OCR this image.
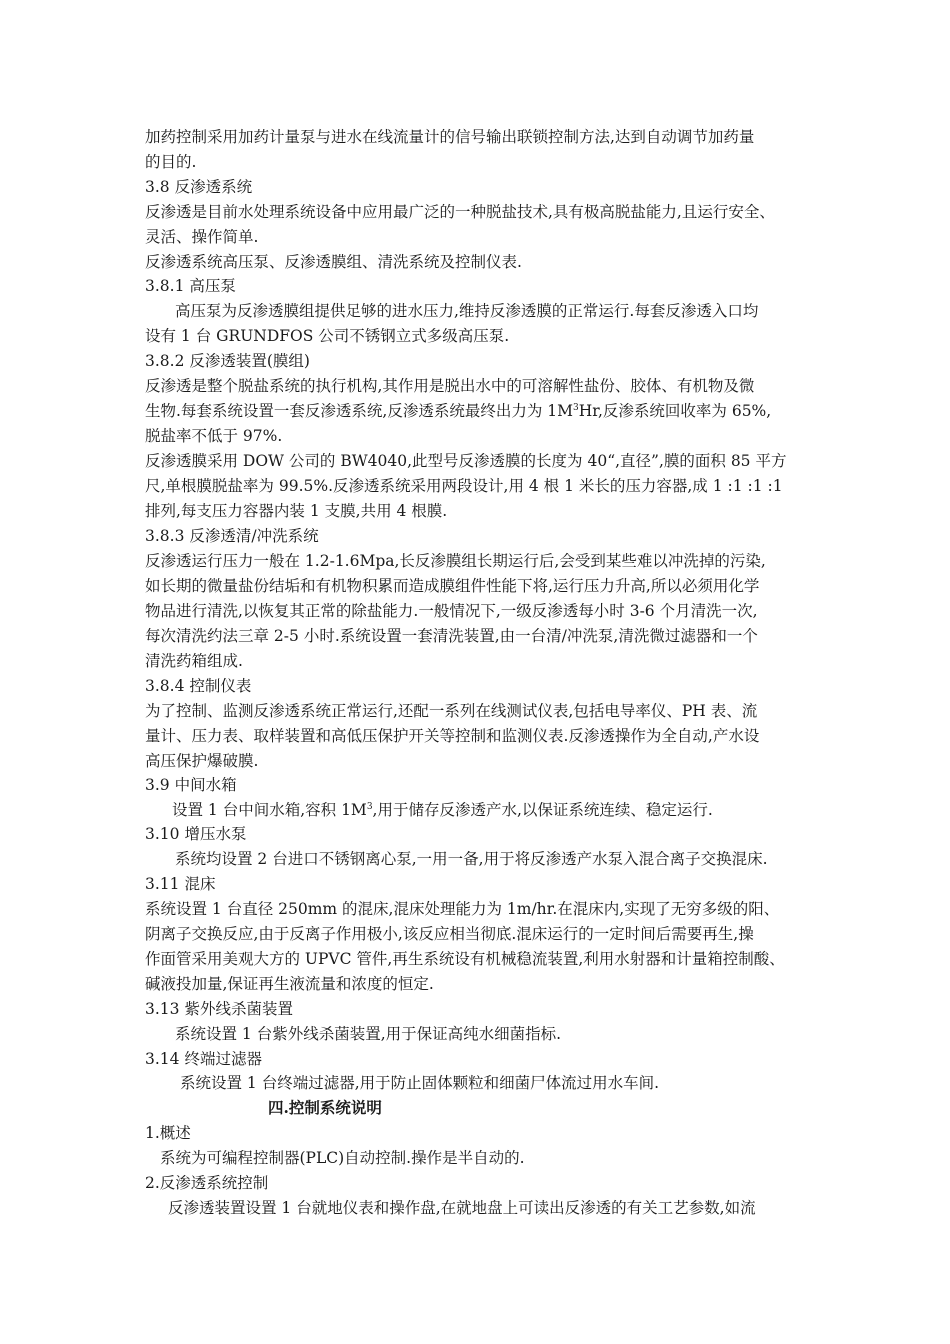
加药控制采用加药计量泵与进水在线流量计的信号输出联锁控制方法,达到自动调节加药量
的目的.
3.8 反渗透系统
反渗透是目前水处理系统设备中应用最广泛的一种脱盐技术,具有极高脱盐能力,且运行安全、
灵活、操作简单.
反渗透系统高压泵、反渗透膜组、清洗系统及控制仪表.
3.8.1 高压泵
高压泵为反渗透膜组提供足够的进水压力,维持反渗透膜的正常运行.每套反渗透入口均
设有 1 台 GRUNDFOS 公司不锈钢立式多级高压泵.
3.8.2 反渗透装置(膜组)
反渗透是整个脱盐系统的执行机构,其作用是脱出水中的可溶解性盐份、胶体、有机物及微
生物.每套系统设置一套反渗透系统,反渗透系统最终出力为 $1M^3Hr$,反渗系统回收率为 65%,
脱盐率不低于 97%.
反渗透膜采用 DOW 公司的 BW4040,此型号反渗透膜的长度为 40“,直径”,膜的面积 85 平方
尺,单根膜脱盐率为 99.5%.反渗透系统采用两段设计,用 4 根 1 米长的压力容器,成 1 :1 :1 :1
排列,每支压力容器内装 1 支膜,共用 4 根膜.
3.8.3 反渗透清/冲洗系统
反渗透运行压力一般在 1.2-1.6Mpa,长反渗膜组长期运行后,会受到某些难以冲洗掉的污染,
如长期的微量盐份结垢和有机物积累而造成膜组件性能下将,运行压力升高,所以必须用化学
物品进行清洗,以恢复其正常的除盐能力.一般情况下,一级反渗透每小时 3-6 个月清洗一次,
每次清洗约法三章 2-5 小时.系统设置一套清洗装置,由一台清/冲洗泵,清洗微过滤器和一个
清洗药箱组成.
3.8.4 控制仪表
为了控制、监测反渗透系统正常运行,还配一系列在线测试仪表,包括电导率仪、PH 表、流
量计、压力表、取样装置和高低压保护开关等控制和监测仪表.反渗透操作为全自动,产水设
高压保护爆破膜.
3.9 中间水箱
设置 1 台中间水箱,容积 $1M^3$,用于储存反渗透产水,以保证系统连续、稳定运行.
3.10 增压水泵
系统均设置 2 台进口不锈钢离心泵,一用一备,用于将反渗透产水泵入混合离子交换混床.
3.11 混床
系统设置 1 台直径 250mm 的混床,混床处理能力为 1m/hr.在混床内,实现了无穷多级的阳、
阴离子交换反应,由于反离子作用极小,该反应相当彻底.混床运行的一定时间后需要再生,操
作面管采用美观大方的 UPVC 管件,再生系统设有机械稳流装置,利用水射器和计量箱控制酸、
碱液投加量,保证再生液流量和浓度的恒定.
3.13 紫外线杀菌装置
系统设置 1 台紫外线杀菌装置,用于保证高纯水细菌指标.
3.14 终端过滤器
系统设置 1 台终端过滤器,用于防止固体颗粒和细菌尸体流过用水车间.
四.控制系统说明
1.概述
系统为可编程控制器(PLC)自动控制.操作是半自动的.
2.反渗透系统控制
反渗透装置设置 1 台就地仪表和操作盘,在就地盘上可读出反渗透的有关工艺参数,如流
